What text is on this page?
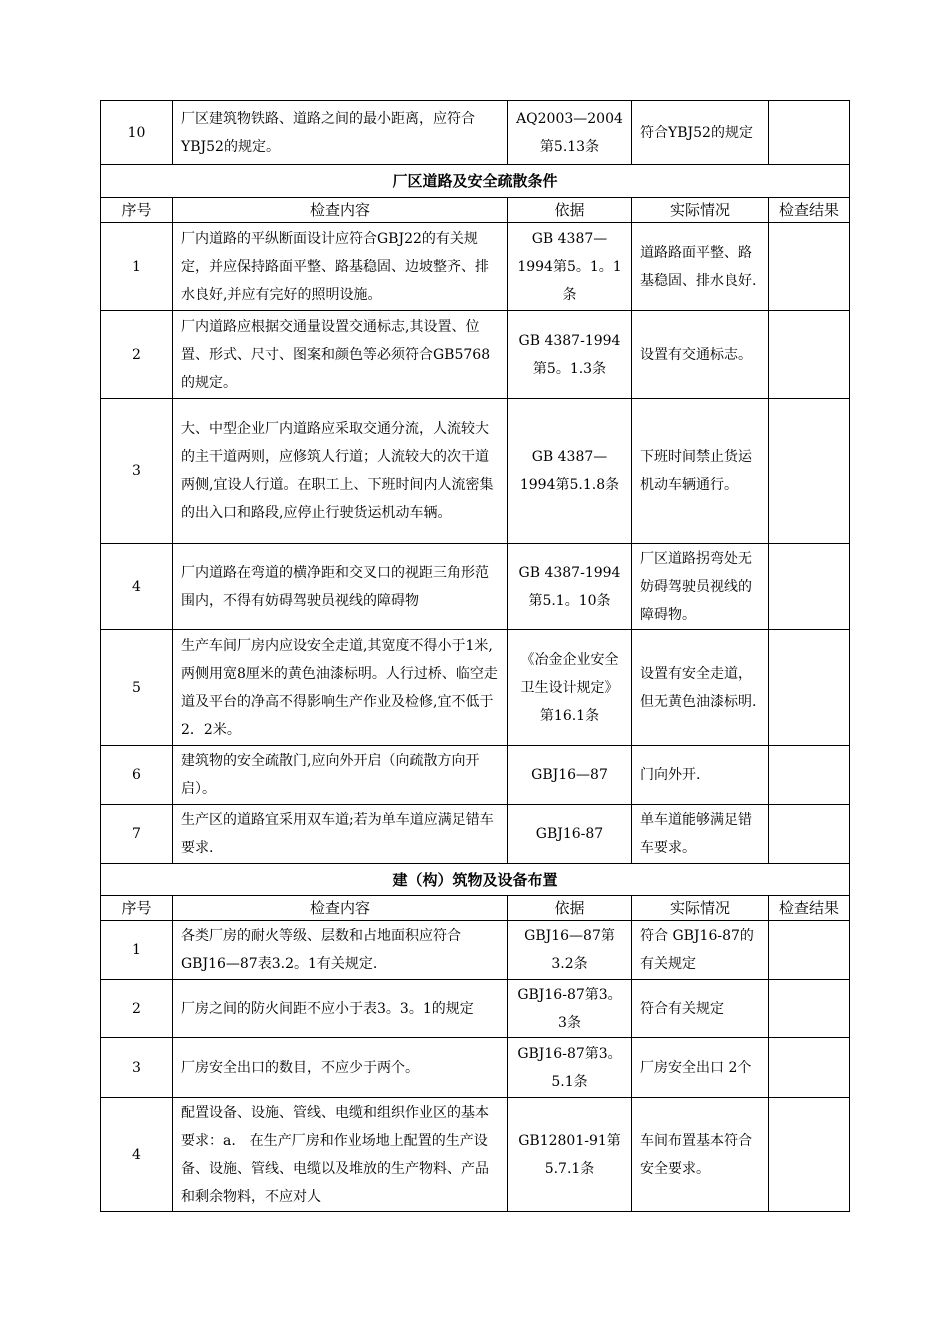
10	厂区建筑物铁路、道路之间的最小距离，应符合YBJ52的规定。	AQ2003—2004第5.13条	符合YBJ52的规定	
厂区道路及安全疏散条件				
序号	检查内容	依据	实际情况	检查结果
1	厂内道路的平纵断面设计应符合GBJ22的有关规定，并应保持路面平整、路基稳固、边坡整齐、排水良好,并应有完好的照明设施。	GB 4387—1994第5。1。1条	道路路面平整、路基稳固、排水良好.	
2	厂内道路应根据交通量设置交通标志,其设置、位置、形式、尺寸、图案和颜色等必须符合GB5768的规定。	GB 4387-1994第5。1.3条	设置有交通标志。	
3	大、中型企业厂内道路应采取交通分流，人流较大的主干道两则，应修筑人行道；人流较大的次干道两侧,宜设人行道。在职工上、下班时间内人流密集的出入口和路段,应停止行驶货运机动车辆。	GB 4387—1994第5.1.8条	下班时间禁止货运机动车辆通行。	
4	厂内道路在弯道的横净距和交叉口的视距三角形范围内，不得有妨碍驾驶员视线的障碍物	GB 4387-1994第5.1。10条	厂区道路拐弯处无妨碍驾驶员视线的障碍物。	
5	生产车间厂房内应设安全走道,其宽度不得小于1米,两侧用宽8厘米的黄色油漆标明。人行过桥、临空走道及平台的净高不得影响生产作业及检修,宜不低于2．2米。	《冶金企业安全卫生设计规定》第16.1条	设置有安全走道，但无黄色油漆标明.	
6	建筑物的安全疏散门,应向外开启（向疏散方向开启）。	GBJ16—87	门向外开.	
7	生产区的道路宜采用双车道;若为单车道应满足错车要求.	GBJ16-87	单车道能够满足错车要求。	
建（构）筑物及设备布置				
序号	检查内容	依据	实际情况	检查结果
1	各类厂房的耐火等级、层数和占地面积应符合GBJ16—87表3.2。1有关规定.	GBJ16—87第3.2条	符合 GBJ16-87的有关规定	
2	厂房之间的防火间距不应小于表3。3。1的规定	GBJ16-87第3。3条	符合有关规定	
3	厂房安全出口的数目，不应少于两个。	GBJ16-87第3。5.1条	厂房安全出口 2个	
4	配置设备、设施、管线、电缆和组织作业区的基本要求：a.　在生产厂房和作业场地上配置的生产设备、设施、管线、电缆以及堆放的生产物料、产品和剩余物料，不应对人	GB12801-91第5.7.1条	车间布置基本符合安全要求。	
